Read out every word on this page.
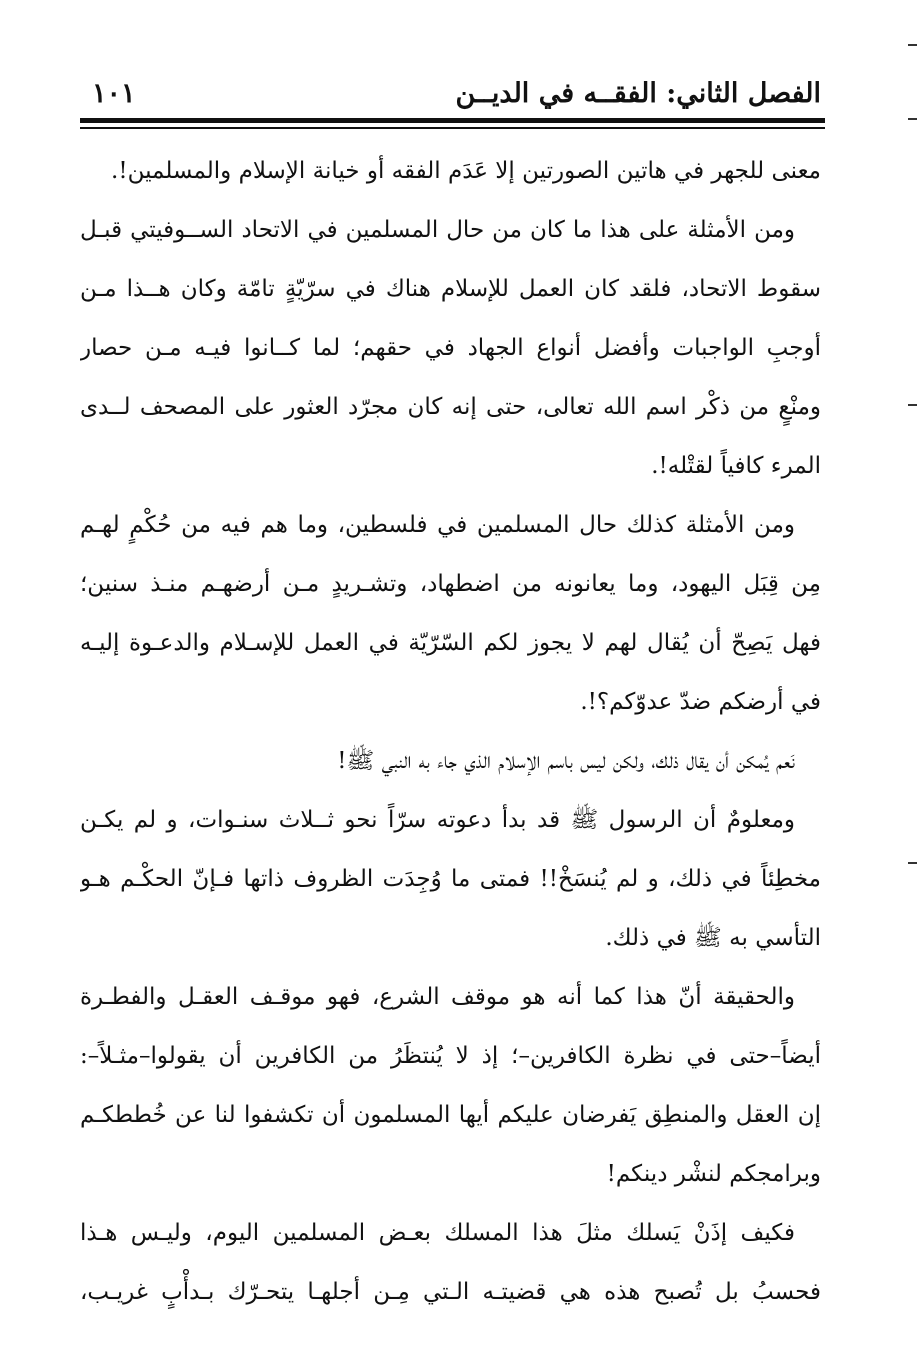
الفصل الثاني: الفقــه في الديــن
١٠١
معنى للجهر في هاتين الصورتين إلا عَدَم الفقه أو خيانة الإسلام والمسلمين!.
ومن الأمثلة على هذا ما كان من حال المسلمين في الاتحاد الســوفيتي قبـل
سقوط الاتحاد، فلقد كان العمل للإسلام هناك في سرّيّةٍ تامّة وكان هــذا مـن
أوجبِ الواجبات وأفضل أنواع الجهاد في حقهم؛ لما كــانوا فيـه مـن حصار
ومنْعٍ من ذكْر اسم الله تعالى، حتى إنه كان مجرّد العثور على المصحف لــدى
المرء كافياً لقتْله!.
ومن الأمثلة كذلك حال المسلمين في فلسطين، وما هم فيه من حُكْمٍ لهـم
مِن قِبَل اليهود، وما يعانونه من اضطهاد، وتشـريدٍ مـن أرضهـم منـذ سنين؛
فهل يَصِحّ أن يُقال لهم لا يجوز لكم السّرّيّة في العمل للإسـلام والدعـوة إليـه
في أرضكم ضدّ عدوّكم؟!.
نَعم يُمكن أن يقال ذلك، ولكن ليس باسم الإسلام الذي جاء به النبي ﷺ!
ومعلومٌ أن الرسول ﷺ قد بدأ دعوته سرّاً نحو ثــلاث سنـوات، و لم يكـن
مخطِئاً في ذلك، و لم يُنسَخْ!! فمتى ما وُجِدَت الظروف ذاتها فـإنّ الحكْـم هـو
التأسي به ﷺ في ذلك.
والحقيقة أنّ هذا كما أنه هو موقف الشرع، فهو موقـف العقـل والفطـرة
أيضاً–حتى في نظرة الكافرين–؛ إذ لا يُنتظَرُ من الكافرين أن يقولوا–مثـلاً–:
إن العقل والمنطِق يَفرضان عليكم أيها المسلمون أن تكشفوا لنا عن خُططكـم
وبرامجكم لنشْر دينكم!
فكيف إذَنْ يَسلك مثلَ هذا المسلك بعـض المسلمين اليوم، وليـس هـذا
فحسبُ بل تُصبح هذه هي قضيتـه الـتي مِـن أجلهـا يتحـرّك بـدأْبٍ غريـب،
